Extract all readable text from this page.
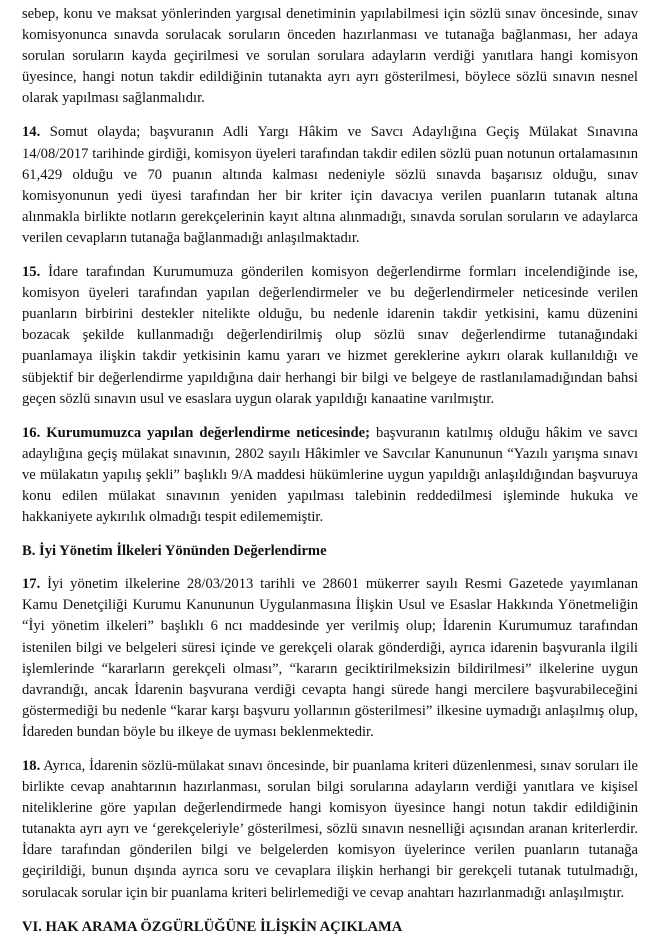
sebep, konu ve maksat yönlerinden yargısal denetiminin yapılabilmesi için sözlü sınav öncesinde, sınav komisyonunca sınavda sorulacak soruların önceden hazırlanması ve tutanağa bağlanması, her adaya sorulan soruların kayda geçirilmesi ve sorulan sorulara adayların verdiği yanıtlara hangi komisyon üyesince, hangi notun takdir edildiğinin tutanakta ayrı ayrı gösterilmesi, böylece sözlü sınavın nesnel olarak yapılması sağlanmalıdır.

14. Somut olayda; başvuranın Adli Yargı Hâkim ve Savcı Adaylığına Geçiş Mülakat Sınavına 14/08/2017 tarihinde girdiği, komisyon üyeleri tarafından takdir edilen sözlü puan notunun ortalamasının 61,429 olduğu ve 70 puanın altında kalması nedeniyle sözlü sınavda başarısız olduğu, sınav komisyonunun yedi üyesi tarafından her bir kriter için davacıya verilen puanların tutanak altına alınmakla birlikte notların gerekçelerinin kayıt altına alınmadığı, sınavda sorulan soruların ve adaylarca verilen cevapların tutanağa bağlanmadığı anlaşılmaktadır.

15. İdare tarafından Kurumumuza gönderilen komisyon değerlendirme formları incelendiğinde ise, komisyon üyeleri tarafından yapılan değerlendirmeler ve bu değerlendirmeler neticesinde verilen puanların birbirini destekler nitelikte olduğu, bu nedenle idarenin takdir yetkisini, kamu düzenini bozacak şekilde kullanmadığı değerlendirilmiş olup sözlü sınav değerlendirme tutanağındaki puanlamaya ilişkin takdir yetkisinin kamu yararı ve hizmet gereklerine aykırı olarak kullanıldığı ve sübjektif bir değerlendirme yapıldığına dair herhangi bir bilgi ve belgeye de rastlanılamadığından bahsi geçen sözlü sınavın usul ve esaslara uygun olarak yapıldığı kanaatine varılmıştır.

16. Kurumumuzca yapılan değerlendirme neticesinde; başvuranın katılmış olduğu hâkim ve savcı adaylığına geçiş mülakat sınavının, 2802 sayılı Hâkimler ve Savcılar Kanununun “Yazılı yarışma sınavı ve mülakatın yapılış şekli” başlıklı 9/A maddesi hükümlerine uygun yapıldığı anlaşıldığından başvuruya konu edilen mülakat sınavının yeniden yapılması talebinin reddedilmesi işleminde hukuka ve hakkaniyete aykırılık olmadığı tespit edilememiştir.

B. İyi Yönetim İlkeleri Yönünden Değerlendirme

17. İyi yönetim ilkelerine 28/03/2013 tarihli ve 28601 mükerrer sayılı Resmi Gazetede yayımlanan Kamu Denetçiliği Kurumu Kanununun Uygulanmasına İlişkin Usul ve Esaslar Hakkında Yönetmeliğin “İyi yönetim ilkeleri” başlıklı 6 ncı maddesinde yer verilmiş olup; İdarenin Kurumumuz tarafından istenilen bilgi ve belgeleri süresi içinde ve gerekçeli olarak gönderdiği, ayrıca idarenin başvuranla ilgili işlemlerinde “kararların gerekçeli olması”, “kararın geciktirilmeksizin bildirilmesi” ilkelerine uygun davrandığı, ancak İdarenin başvurana verdiği cevapta hangi sürede hangi mercilere başvurabileceğini göstermediği bu nedenle “karar karşı başvuru yollarının gösterilmesi” ilkesine uymadığı anlaşılmış olup, İdareden bundan böyle bu ilkeye de uyması beklenmektedir.

18. Ayrıca, İdarenin sözlü-mülakat sınavı öncesinde, bir puanlama kriteri düzenlenmesi, sınav soruları ile birlikte cevap anahtarının hazırlanması, sorulan bilgi sorularına adayların verdiği yanıtlara ve kişisel niteliklerine göre yapılan değerlendirmede hangi komisyon üyesince hangi notun takdir edildiğinin tutanakta ayrı ayrı ve ‘gerekçeleriyle’ gösterilmesi, sözlü sınavın nesnelliği açısından aranan kriterlerdir. İdare tarafından gönderilen bilgi ve belgelerden komisyon üyelerince verilen puanların tutanağa geçirildiği, bunun dışında ayrıca soru ve cevaplara ilişkin herhangi bir gerekçeli tutanak tutulmadığı, sorulacak sorular için bir puanlama kriteri belirlemediği ve cevap anahtarı hazırlanmadığı anlaşılmıştır.

VI. HAK ARAMA ÖZGÜRLÜĞÜNE İLİŞKİN AÇIKLAMA
